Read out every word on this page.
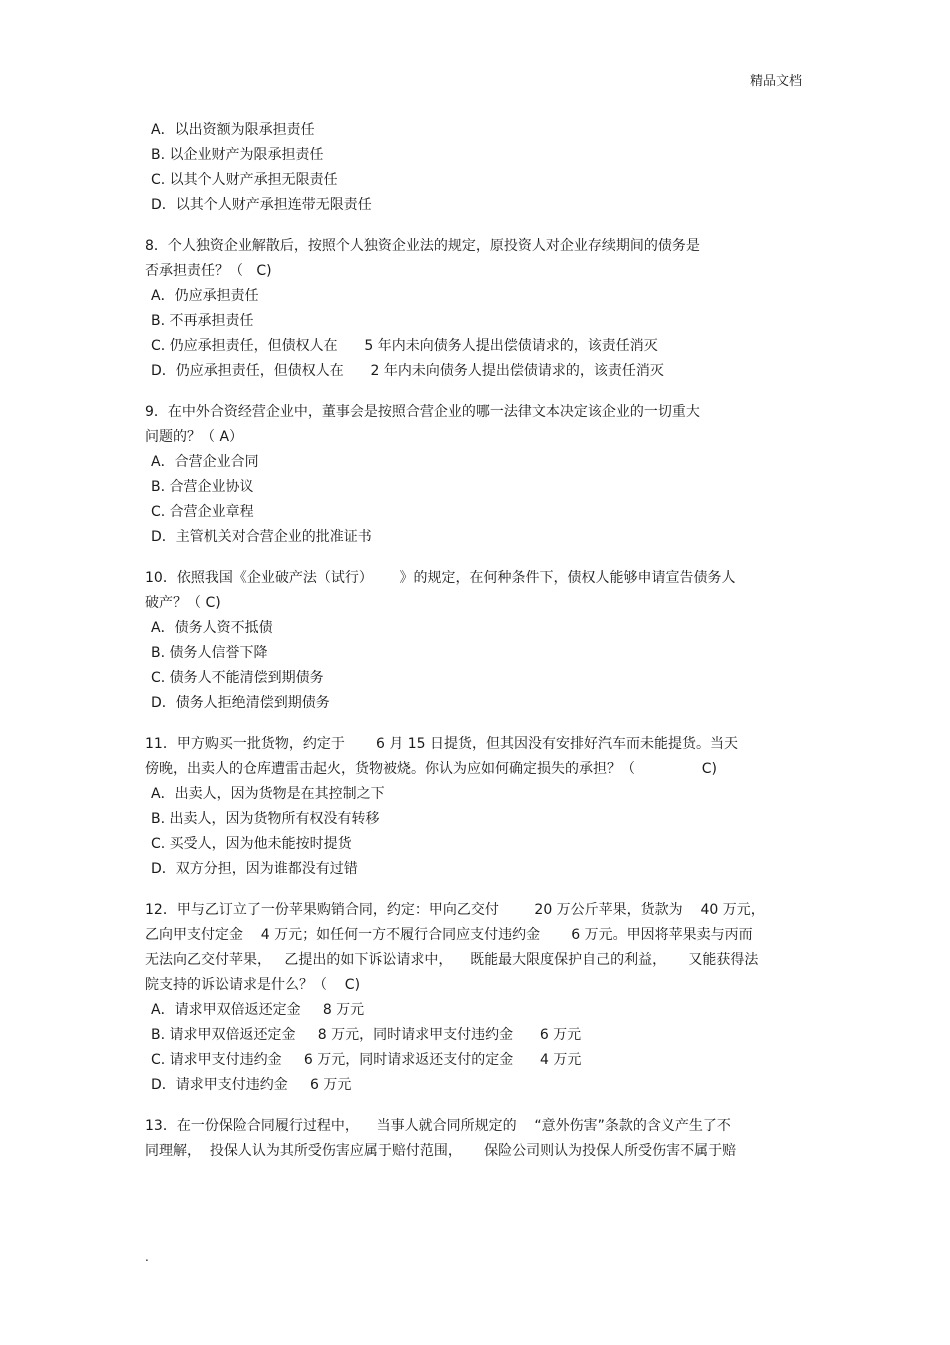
精品文档
A．以出资额为限承担责任
B. 以企业财产为限承担责任
C. 以其个人财产承担无限责任
D．以其个人财产承担连带无限责任
8．个人独资企业解散后，按照个人独资企业法的规定，原投资人对企业存续期间的债务是
否承担责任？（   C)
A．仍应承担责任
B. 不再承担责任
C. 仍应承担责任，但债权人在      5 年内未向债务人提出偿债请求的，该责任消灭
D．仍应承担责任，但债权人在      2 年内未向债务人提出偿债请求的，该责任消灭
9．在中外合资经营企业中，董事会是按照合营企业的哪一法律文本决定该企业的一切重大
问题的？（ A）
A．合营企业合同
B. 合营企业协议
C. 合营企业章程
D．主管机关对合营企业的批准证书
10．依照我国《企业破产法（试行）      》的规定，在何种条件下，债权人能够申请宣告债务人
破产？（ C)
A．债务人资不抵债
B. 债务人信誉下降
C. 债务人不能清偿到期债务
D．债务人拒绝清偿到期债务
11．甲方购买一批货物，约定于       6 月 15 日提货，但其因没有安排好汽车而未能提货。当天
傍晚，出卖人的仓库遭雷击起火，货物被烧。你认为应如何确定损失的承担？（               C)
A．出卖人，因为货物是在其控制之下
B. 出卖人，因为货物所有权没有转移
C. 买受人，因为他未能按时提货
D．双方分担，因为谁都没有过错
12．甲与乙订立了一份苹果购销合同，约定：甲向乙交付        20 万公斤苹果，货款为    40 万元，
乙向甲支付定金    4 万元；如任何一方不履行合同应支付违约金       6 万元。甲因将苹果卖与丙而
无法向乙交付苹果，   乙提出的如下诉讼请求中，    既能最大限度保护自己的利益，     又能获得法
院支持的诉讼请求是什么？（    C)
A．请求甲双倍返还定金     8 万元
B. 请求甲双倍返还定金     8 万元，同时请求甲支付违约金      6 万元
C. 请求甲支付违约金     6 万元，同时请求返还支付的定金      4 万元
D．请求甲支付违约金     6 万元
13．在一份保险合同履行过程中，    当事人就合同所规定的    “意外伤害”条款的含义产生了不
同理解，  投保人认为其所受伤害应属于赔付范围，     保险公司则认为投保人所受伤害不属于赔
.
